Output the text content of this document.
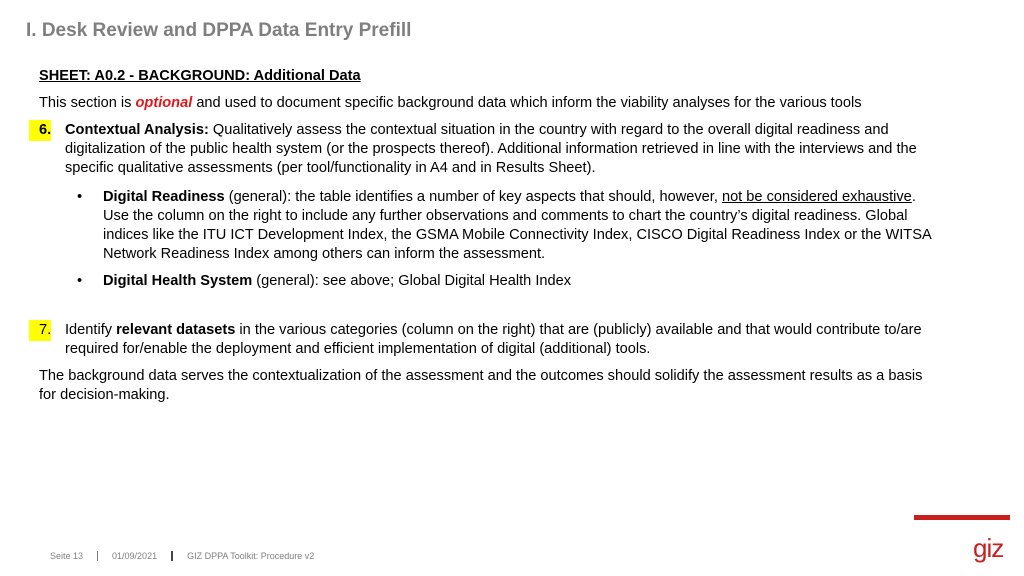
I. Desk Review and DPPA Data Entry Prefill
SHEET: A0.2 - BACKGROUND: Additional Data

This section is optional and used to document specific background data which inform the viability analyses for the various tools

6. Contextual Analysis: Qualitatively assess the contextual situation in the country with regard to the overall digital readiness and digitalization of the public health system (or the prospects thereof). Additional information retrieved in line with the interviews and the specific qualitative assessments (per tool/functionality in A4 and in Results Sheet).
• Digital Readiness (general): the table identifies a number of key aspects that should, however, not be considered exhaustive. Use the column on the right to include any further observations and comments to chart the country’s digital readiness. Global indices like the ITU ICT Development Index, the GSMA Mobile Connectivity Index, CISCO Digital Readiness Index or the WITSA Network Readiness Index among others can inform the assessment.
• Digital Health System (general): see above; Global Digital Health Index
7. Identify relevant datasets in the various categories (column on the right) that are (publicly) available and that would contribute to/are required for/enable the deployment and efficient implementation of digital (additional) tools.

The background data serves the contextualization of the assessment and the outcomes should solidify the assessment results as a basis for decision-making.

giz
Seite 13	01/09/2021	GIZ DPPA Toolkit: Procedure v2
